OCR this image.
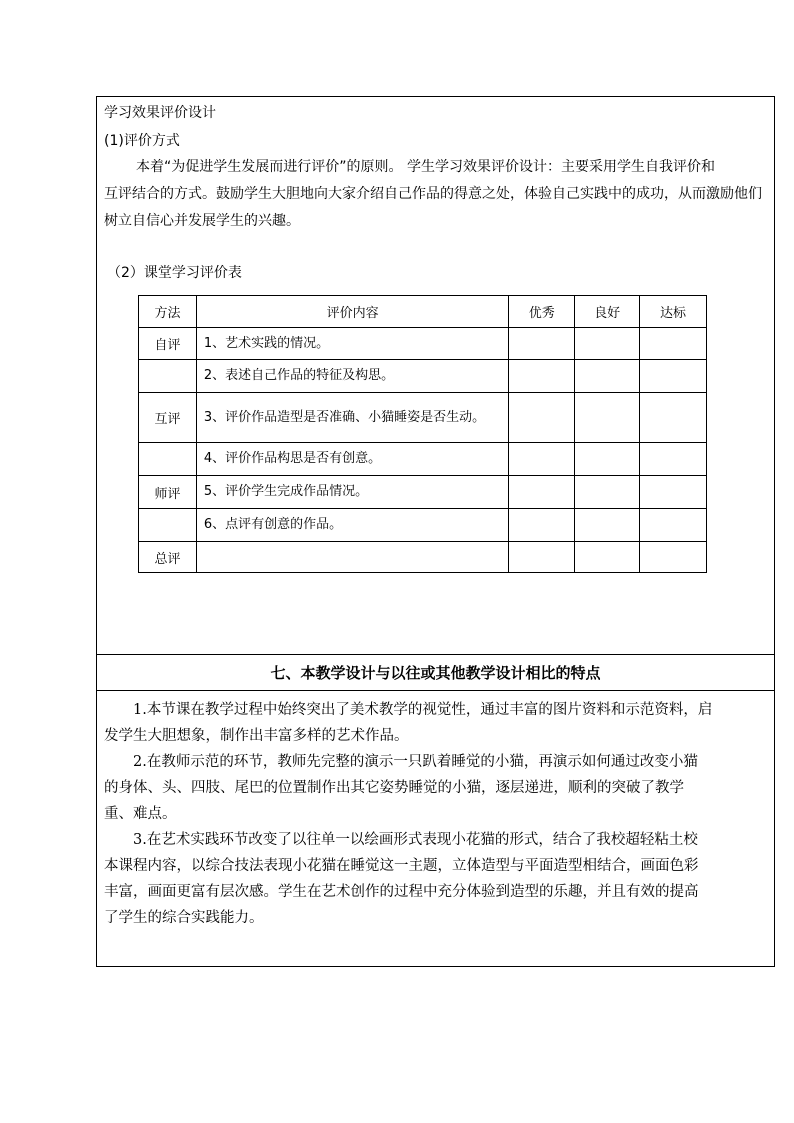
学习效果评价设计
(1)评价方式
本着“为促进学生发展而进行评价”的原则。 学生学习效果评价设计：主要采用学生自我评价和
互评结合的方式。鼓励学生大胆地向大家介绍自己作品的得意之处，体验自己实践中的成功，从而激励他们
树立自信心并发展学生的兴趣。
（2）课堂学习评价表
方法	评价内容	优秀	良好	达标
自评	1、艺术实践的情况。			
	2、表述自己作品的特征及构思。			
互评	3、评价作品造型是否准确、小猫睡姿是否生动。			
	4、评价作品构思是否有创意。			
师评	5、评价学生完成作品情况。			
	6、点评有创意的作品。			
总评				
七、本教学设计与以往或其他教学设计相比的特点
1.本节课在教学过程中始终突出了美术教学的视觉性，通过丰富的图片资料和示范资料，启
发学生大胆想象，制作出丰富多样的艺术作品。
2.在教师示范的环节，教师先完整的演示一只趴着睡觉的小猫，再演示如何通过改变小猫
的身体、头、四肢、尾巴的位置制作出其它姿势睡觉的小猫，逐层递进，顺利的突破了教学
重、难点。
3.在艺术实践环节改变了以往单一以绘画形式表现小花猫的形式，结合了我校超轻粘土校
本课程内容，以综合技法表现小花猫在睡觉这一主题，立体造型与平面造型相结合，画面色彩
丰富，画面更富有层次感。学生在艺术创作的过程中充分体验到造型的乐趣，并且有效的提高
了学生的综合实践能力。
